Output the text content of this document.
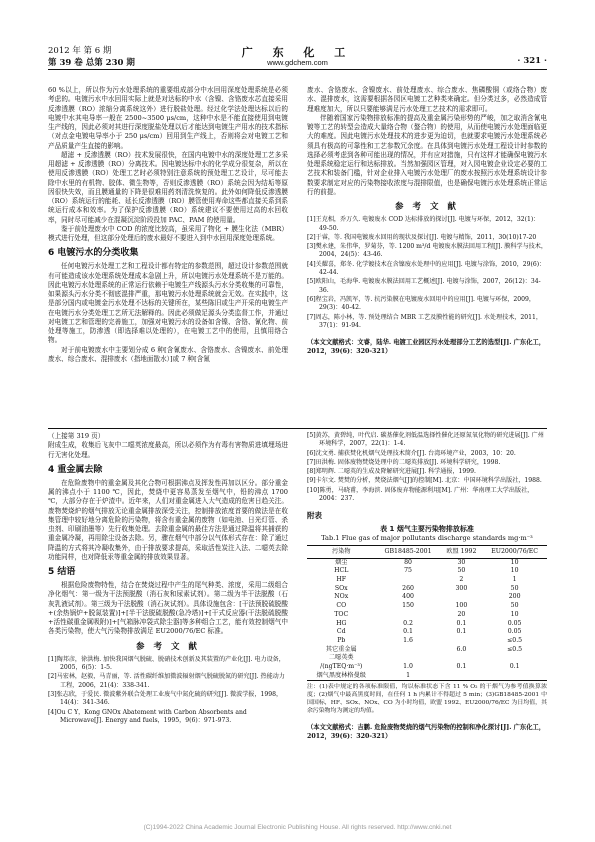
2012 年 第 6 期
第 39 卷 总第 230 期
广 东 化 工
www.gdchem.com	· 321 ·

60 %以上，所以作为污水处理系统的重要组成部分中水回用深度处理系统是必须考虑的。电镀污水中水回用实际上就是对达标的中水（含镍、含铬废水芯直接采用反渗透膜（RO）浓缩分离系统这外）进行脱盐处理。经过化学法处理达标以后的电镀中水其电导率一般在 2500~3500 μs/cm，这种中水是不能直接使用到电镀生产线的，因此必须对其进行深度脱盐处理以后才能达到电镀生产用水的技术指标（对点金电镀电导率小于 250 μs/cm）回用到生产线上，否则将会对电镀工艺和产品质量产生直接的影响。

超滤 + 反渗透膜（RO）技术发展很快，在国内电镀中水的深度处理工艺多采用超滤 + 反渗透膜（RO）分离技术。因电镀达标中水的化学成分很复杂，所以在使用反渗透膜（RO）处理工艺时必须特别注意系统的预处理工艺设计，尽可能去除中水里的有机物、胶体、微生物等，否则反渗透膜（RO）系统会因为结垢等原因很快失效，而且膜通量的下降是很难用药剂清洗恢复的。此外如何降低反渗透膜（RO）系统运行的能耗、延长反渗透膜（RO）膜管使用寿命这些都直接关系到系统运行成本和效率。为了保护反渗透膜（RO）系统建议不要使用过高的水回收率，同时尽可能减少在混凝沉淀阶段投加 PAC、PAM 的使用量。

鉴于前处理废水中 COD 的浓度比较高，虽采用了物化 + 膜生化法（MBR）模式进行处理，但这部分处理后的废水最好不要进入到中水回用深度处理系统。

6 电镀污水的分类收集

任何电镀污水处理工艺和工程设计都有特定的参数范围，超过设计参数范围就有可能造成该水处理系统处理成本急剧上升，所以电镀污水处理系统不是万能的。因此电镀污水处理系统的正常运行依赖于电镀生产线源头污水分类收集的可靠性，如果源头污水分类不彻底混排严重，那电镀污水处理系统就会无效。在实践中，这是部分国内或电镀金污水处理不达标的关键所在，某些陈旧或生产开采的电镀生产在电镀污水分类处理工艺所无法解释的。因此必须做足源头分类监督工作，并通过对电镀工艺和管理的完善施工，加强对电镀污水的设备如含镍、含铬、氰化物、前处理等施工，防渗透（即选择难以处理的），在电镀工艺中的使用，且慎用络合物。

对于前电镀废水中主要划分成 6 种[含氰废水、含铬废水、含镍废水、前处理废水、综合废水、混排废水（指地面散水）]或 7 种[含氰

废水、含铬废水、含镍废水、前处理废水、综合废水、焦磷酸铜（或络合物）废水、混排废水，这需要根据各园区电镀工艺种类来确定。但分类过多，必然造成管理难度加大，所以只要能够满足污水处理工艺技术的需求即可。

伴随着国家污染物排放标准的提高及重金属污染形势的严峻，加之取消含氰电镀等工艺的转型会造成大量络合物（螯合物）的使用，从而使电镀污水处理面临更大的难度。因此电镀污水处理技术的进步更为迫切，也就要求电镀污水处理系统必须具有极高的可靠性和工艺参数冗余度。在具体到电镀污水处理工程设计时参数的选择必须考虑到各种可能出现的情况，并有应对措施，只有这样才能确保电镀污水处理系统稳定运行和达标排放。当然加强园区管理，对入园电镀企业设定必要的工艺技术和装备门槛，针对企业排入电镀污水处理厂的废水按照污水处理系统设计参数要求制定对应的污染物接收浓度与混排限值，也是确保电镀污水处理系统正常运行的前提。

参 考 文 献
[1]王克相，乔万久. 电镀废水 COD 达标排放的探讨[J]. 电镀与环保，2012，32(1)：49-50.
[2]于睿，等. 我国电镀废水回用的现状及探讨[J]. 电镀与精饰，2011，30(10)17-20
[3]樊永建，朱伟华，罗菊芬，等. 1200 m³/d 电镀废水膜法回用工程[J]. 膜科学与技术，2004，24(5)：43-46.
[4]关耀喜，郑冬. 化学镀技术在含镍废水处理中的应用[J]. 电镀与涂饰，2010，29(6)：42-44.
[5]欧阳山，毛海华. 电镀废水膜法回用工艺概述[J]. 电镀与涂饰，2007，26(12)：34-36.
[6]程宝岩，冯凯军，等. 抗污染膜在电镀废水回用中的应用[J]. 电镀与环保，2009，29(3)：40-42.
[7]周志，陈小林，等. 预处理结合 MBR 工艺及膜性能的研究[J]. 水处理技术，2011，37(1)：91-94.
（本文文献格式：文睿，陆华. 电镀工业园区污水处理部分工艺的选型[J]. 广东化工，2012，39(6)：320-321）

（上接第 319 页）

附成生成，收集后飞灰中二噁英浓度最高，所以必须作为有毒有害物质进填埋场进行无害化处理。

4 重金属去除

在危险废物中的重金属及其化合物可根据沸点及挥发性再加以区分。部分重金属的沸点小于 1100 ℃，因此，焚烧中更容易蒸发至烟气中，铅的沸点 1700 ℃，大部分存在于炉渣中。近年来，人们对重金属进入大气造成的危害日趋关注。废物焚烧炉的烟气排放无论重金属排放深受关注，控制排放浓度首要的做法是在收集管理中较好地分离危险的污染物，将含有重金属的废物（如电池、日光灯管、杀虫剂、印刷油墨等）先行收集处理。去除重金属的最佳方法是通过降温将其捕获的重金属冷凝，再用除尘设备去除。另，骤在烟气中部分以气体形式存在：除了通过降温的方式将其冷凝收集外，由于排放要求提高，采取活性炭注入法、二噁英去除功能同样，也对降低汞等重金属的排放效果显著。

5 结语

根据危险废物特性，结合在焚烧过程中产生的尾气种类、浓度，采用二级组合净化烟气：第一级为干法预脱酸（消石灰和尿素试剂）。第二级为半干法脱酸（石灰乳液试剂）。第三级为干法脱酸（消石灰试剂）。具体设施包含：[干法预脱硫脱酸+(余热锅炉+脱氮装置)]+[半干法脱硫脱酸(急冷塔)]+[干式反应器(干法脱硫脱酸+活性碳重金属吸附)]+[气箱脉冲袋式除尘器]等多种组合工艺，能有效控制烟气中各类污染物，使大气污染物排放满足 EU2000/76/EC 标准。

参 考 文 献
[1]陶邦彦，徐洪梅. 加快我国烟气脱硫、脱硝技术创新及其装置的产业化[J]. 电力设备，2005，6(5)：1-5.
[2]马宏林，赵毅，马青丽，等. 活性碳纤维加微波辐射烟气脱硫脱氮的研究[J]. 热能动力工程，2006，21(4)：338-341.
[3]张志欣，于爱民. 微波紫外联合处理工业废气中氮化硫的研究[J]. 微波学报，1998，14(4)：341-346.
[4]Ou C Y，Kong GNOx Abatement with Carbon Absorbents and Microwave[J]. Energy and fuels，1995，9(6)：971-973.
[5]黄苏，黄碧纯，叶代启. 碳基催化剂低温选择性催化还原氮氧化物的研究进展[J]. 广州环境科学，2007，22(1)：1-4.
[6]沈文勇. 捕获焚化机烟气处理技术简介[J]. 台湾环境产业，2003，10：20.
[7]田洪梅. 固体废物焚烧处理中的二噁英排放[J]. 环境科学研究，1998.
[8]郑明辉. 二噁英的生成及降解研究进展[J]. 科学通报，1999.
[9]卡尔文. 焚焚的分析，焚烧法烟气[J]的控制[M]. 北京：中国环境科学出版社，1988.
[10]陈勇，马晓甫，李海滨. 固体废弃物能源利用[M]. 广州：华南理工大学出版社，2004：237.
附表
表 1 烟气主要污染物排放标准
Tab.1 Flue gas of major pollutants discharge standards mg·m⁻³
污染物	GB18485-2001	欧盟 1992	EU2000/76/EC
烟尘	80	30	10
HCL	75	50	10
HF		2	1
SOx	260	300	50
NOx	400		200
CO	150	100	50
TOC		20	10
HG	0.2	0.1	0.05
Cd	0.1	0.1	0.05
Pb	1.6		≤0.5
其它重金属		6.0	≤0.5
二噁英类			
/(ngTEQ·m⁻³)	1.0	0.1	0.1
烟气黑度林格曼级	1		
注：(1)表中规定的各项标准限值，均以标准状态下含 11 % O₂ 的干烟气为参考值换算浓度；(2)烟气中最高黑度时间，在任何 1 h 内累计不得超过 5 min；(3)GB18485-2001 中国国标，HF、SOx、NOx、CO 为小时均值，欧盟 1992、EU2000/76/EC 为日均值，其余污染物均为测定的均值。
（本文文献格式：吉鹏. 危险废物焚烧的烟气污染物的控制和净化探讨[J]. 广东化工，2012，39(6)：320-321）
(C)1994-2022 China Academic Journal Electronic Publishing House. All rights reserved. http://www.cnki.net
